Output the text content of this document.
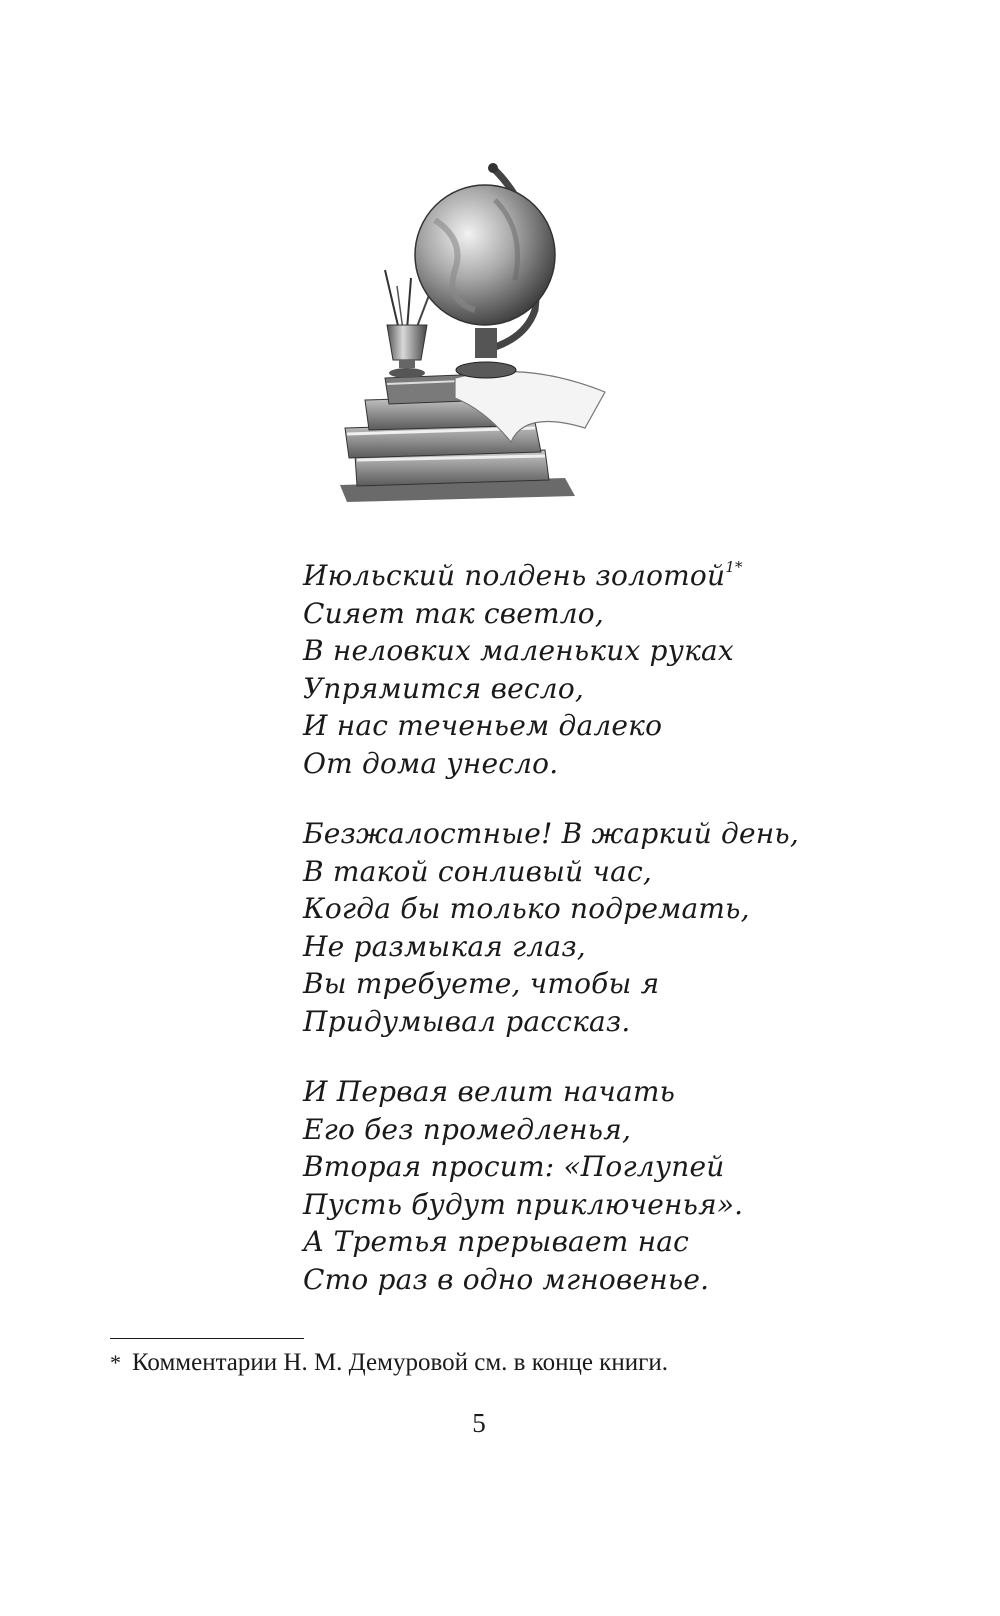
Июльский полдень золотой$^{1*}$
Сияет так светло,
В неловких маленьких руках
Упрямится весло,
И нас теченьем далеко
От дома унесло.
Безжалостные! В жаркий день,
В такой сонливый час,
Когда бы только подремать,
Не размыкая глаз,
Вы требуете, чтобы я
Придумывал рассказ.
И Первая велит начать
Его без промедленья,
Вторая просит: «Поглупей
Пусть будут приключенья».
А Третья прерывает нас
Сто раз в одно мгновенье.
* Комментарии Н. М. Демуровой см. в конце книги.
5
